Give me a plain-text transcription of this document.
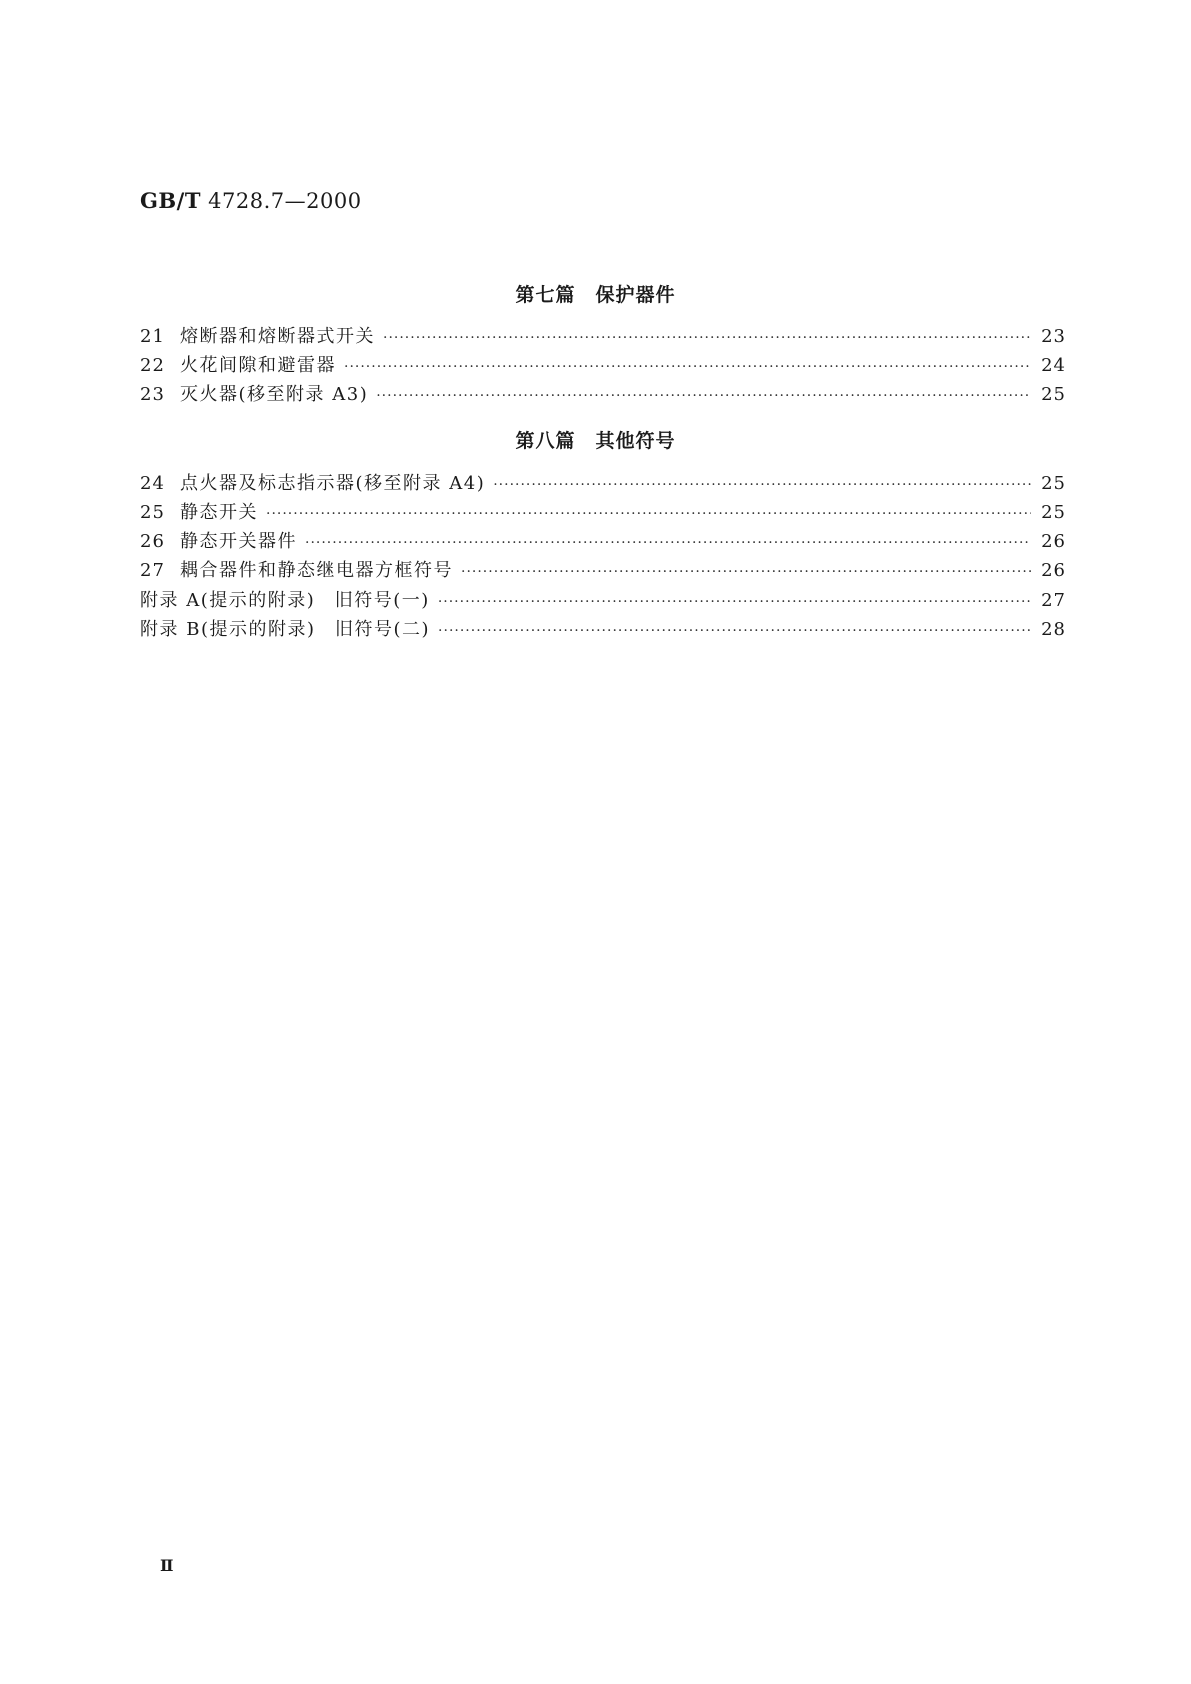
GB/T 4728.7—2000
第七篇　保护器件
21 熔断器和熔断器式开关 ·····	23
22 火花间隙和避雷器 ·····	24
23 灭火器(移至附录 A3) ·····	25
第八篇　其他符号
24 点火器及标志指示器(移至附录 A4) ·····	25
25 静态开关 ·····	25
26 静态开关器件 ·····	26
27 耦合器件和静态继电器方框符号 ·····	26
附录 A(提示的附录)　旧符号(一) ·····	27
附录 B(提示的附录)　旧符号(二) ·····	28
Ⅱ
